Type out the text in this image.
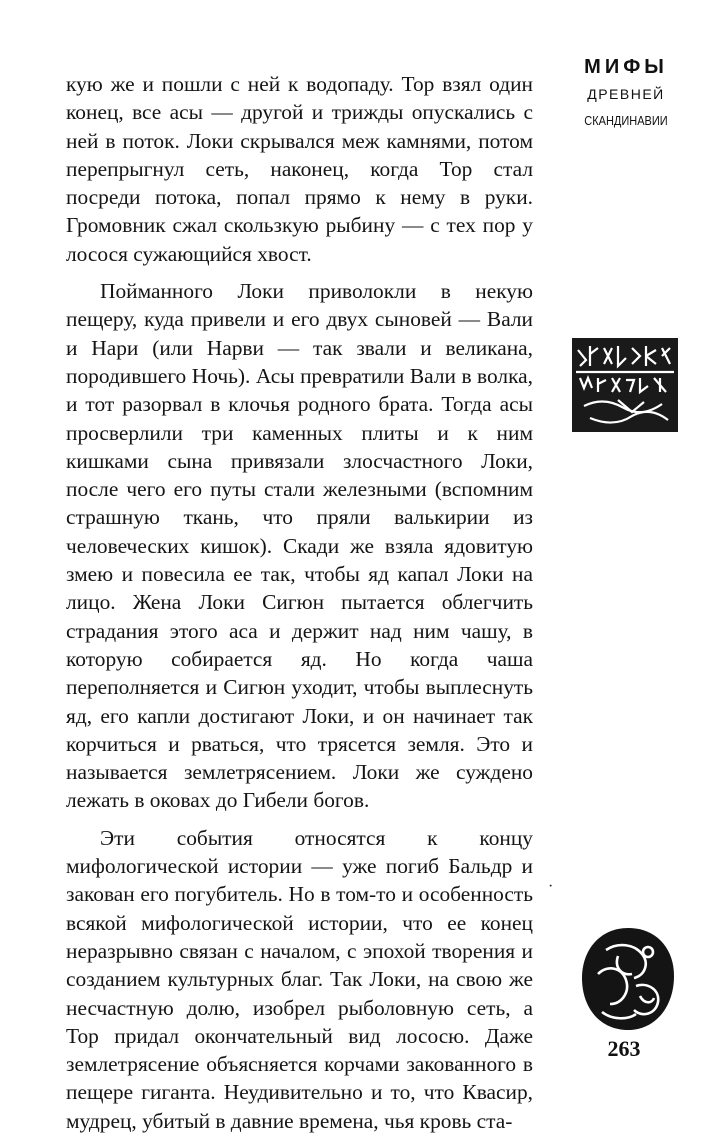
кую же и пошли с ней к водопаду. Тор взял один конец, все асы — другой и трижды опускались с ней в поток. Локи скрывался меж камнями, потом перепрыгнул сеть, наконец, когда Тор стал посреди потока, попал прямо к нему в руки. Громовник сжал скользкую рыбину — с тех пор у лосося сужающийся хвост.

Пойманного Локи приволокли в некую пещеру, куда привели и его двух сыновей — Вали и Нари (или Нарви — так звали и великана, породившего Ночь). Асы превратили Вали в волка, и тот разорвал в клочья родного брата. Тогда асы просверлили три каменных плиты и к ним кишками сына привязали злосчастного Локи, после чего его путы стали железными (вспомним страшную ткань, что пряли валькирии из человеческих кишок). Скади же взяла ядовитую змею и повесила ее так, чтобы яд капал Локи на лицо. Жена Локи Сигюн пытается облегчить страдания этого аса и держит над ним чашу, в которую собирается яд. Но когда чаша переполняется и Сигюн уходит, чтобы выплеснуть яд, его капли достигают Локи, и он начинает так корчиться и рваться, что трясется земля. Это и называется землетрясением. Локи же суждено лежать в оковах до Гибели богов.

Эти события относятся к концу мифологической истории — уже погиб Бальдр и закован его погубитель. Но в том-то и особенность всякой мифологической истории, что ее конец неразрывно связан с началом, с эпохой творения и созданием культурных благ. Так Локи, на свою же несчастную долю, изобрел рыболовную сеть, а Тор придал окончательный вид лососю. Даже землетрясение объясняется корчами закованного в пещере гиганта. Неудивительно и то, что Квасир, мудрец, убитый в давние времена, чья кровь ста-

·
МИФЫ
ДРЕВНЕЙ
СКАНДИНАВИИ
263
